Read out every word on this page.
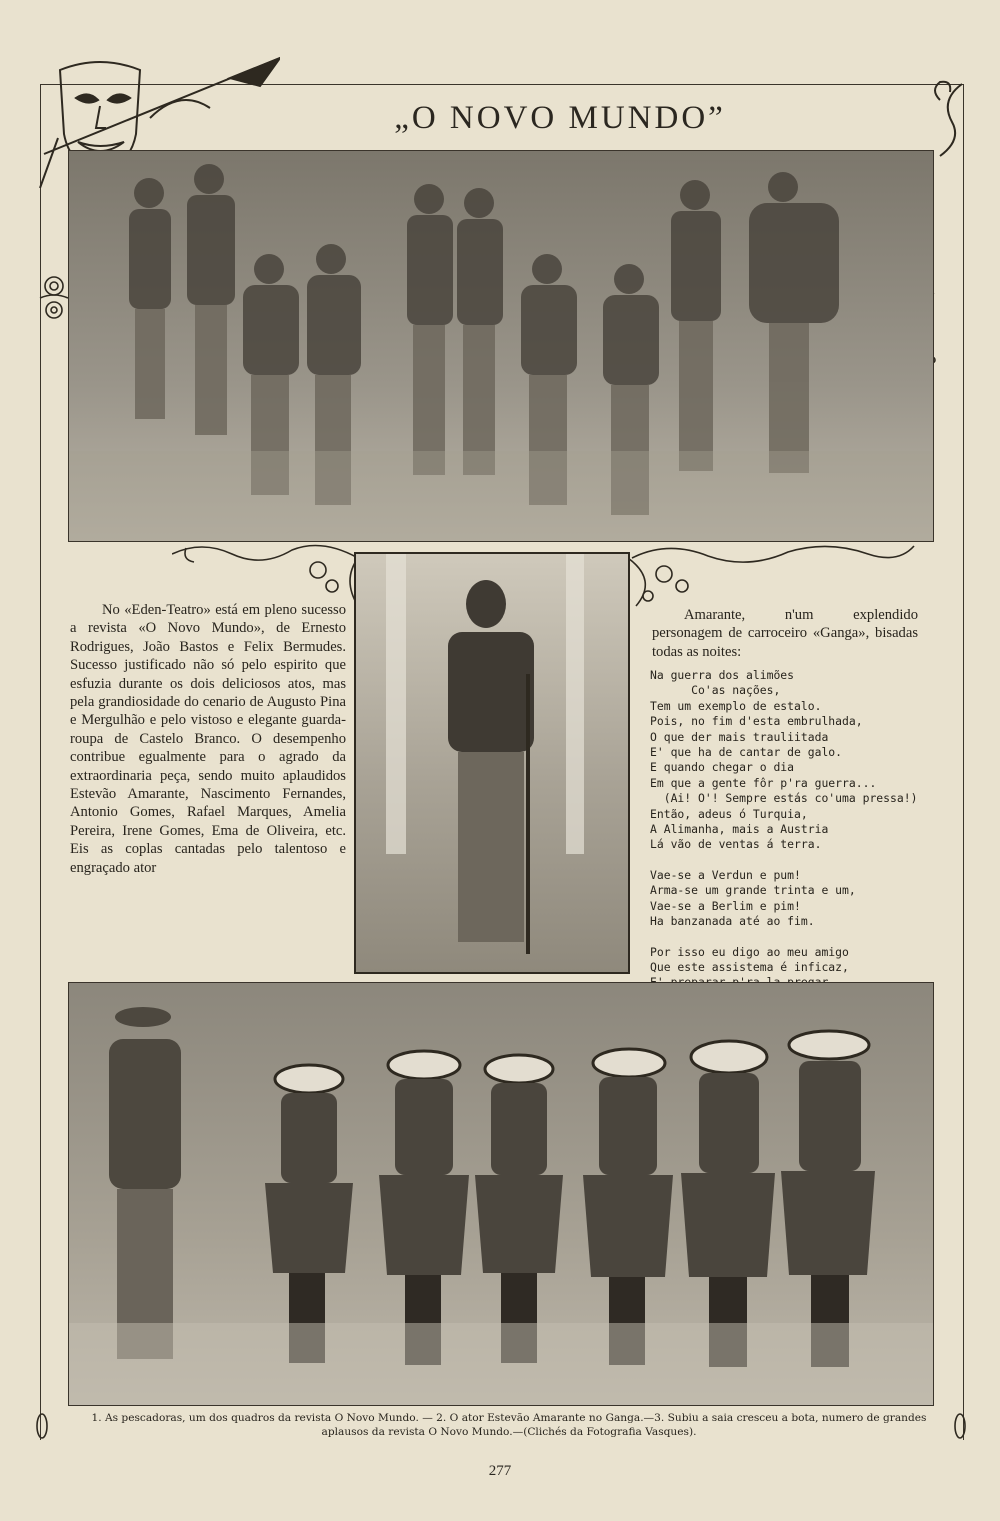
„O NOVO MUNDO”

No «Eden-Teatro» está em pleno sucesso a revista «O Novo Mundo», de Ernesto Rodrigues, João Bastos e Felix Bermudes. Sucesso justificado não só pelo espirito que esfuzia durante os dois deliciosos atos, mas pela grandiosidade do cenario de Augusto Pina e Mergulhão e pelo vistoso e elegante guarda-roupa de Castelo Branco. O desempenho contribue egualmente para o agrado da extraordinaria peça, sendo muito aplaudidos Estevão Amarante, Nascimento Fernandes, Antonio Gomes, Rafael Marques, Amelia Pereira, Irene Gomes, Ema de Oliveira, etc. Eis as coplas cantadas pelo talentoso e engraçado ator

Amarante, n'um explendido personagem de carroceiro «Ganga», bisadas todas as noites:

Na guerra dos alimões
Co'as nações,
Tem um exemplo de estalo.
Pois, no fim d'esta embrulhada,
O que der mais trauliitada
E' que ha de cantar de galo.
E quando chegar o dia
Em que a gente fôr p'ra guerra...
(Ai! O'! Sempre estás co'uma pressa!)
Então, adeus ó Turquia,
A Alimanha, mais a Austria
Lá vão de ventas á terra.
Vae-se a Verdun e pum!
Arma-se um grande trinta e um,
Vae-se a Berlim e pim!
Ha banzanada até ao fim.
Por isso eu digo ao meu amigo
Que este assistema é inficaz,
1. As pescadoras, um dos quadros da revista O Novo Mundo. — 2. O ator Estevão Amarante no Ganga.—3. Subiu a saia cresceu a bota, numero de grandes aplausos da revista O Novo Mundo.—(Clichés da Fotografia Vasques).
277
